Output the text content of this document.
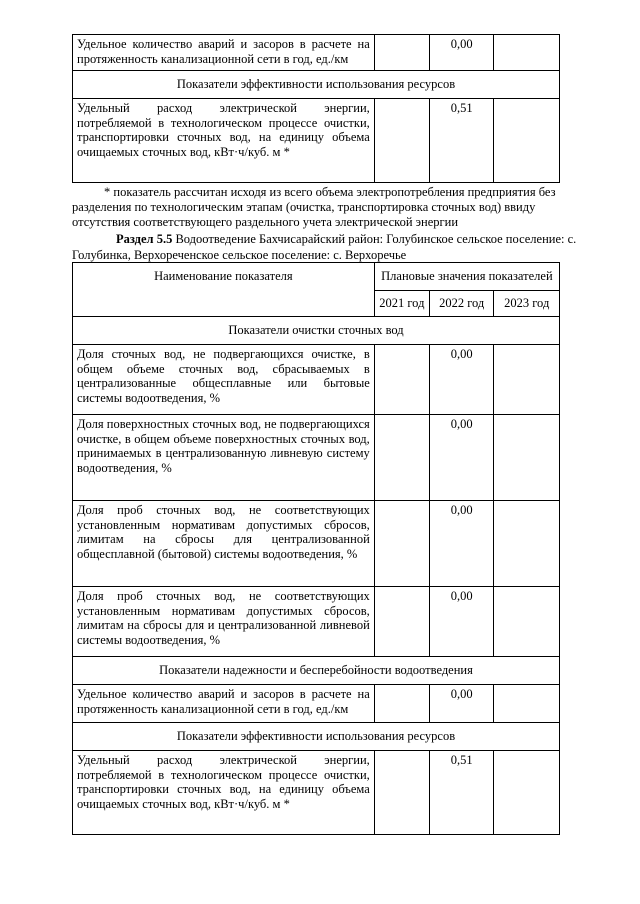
Удельное количество аварий и засоров в расчете на протяженность канализационной сети в год, ед./км		0,00	
Показатели эффективности использования ресурсов			
Удельный расход электрической энергии, потребляемой в технологическом процессе очистки, транспортировки сточных вод, на единицу объема очищаемых сточных вод, кВт·ч/куб. м *		0,51	
* показатель рассчитан исходя из всего объема электропотребления предприятия без разделения по технологическим этапам (очистка, транспортировка сточных вод) ввиду отсутствия соответствующего раздельного учета электрической энергии
Раздел 5.5 Водоотведение Бахчисарайский район: Голубинское сельское поселение: с. Голубинка, Верхореченское сельское поселение: с. Верхоречье
Наименование показателя	Плановые значения показателей		
	2021 год	2022 год	2023 год
Показатели очистки сточных вод			
Доля сточных вод, не подвергающихся очистке, в общем объеме сточных вод, сбрасываемых в централизованные общесплавные или бытовые системы водоотведения, %		0,00	
Доля поверхностных сточных вод, не подвергающихся очистке, в общем объеме поверхностных сточных вод, принимаемых в централизованную ливневую систему водоотведения, %		0,00	
Доля проб сточных вод, не соответствующих установленным нормативам допустимых сбросов, лимитам на сбросы для централизованной общесплавной (бытовой) системы водоотведения, %		0,00	
Доля проб сточных вод, не соответствующих установленным нормативам допустимых сбросов, лимитам на сбросы для и централизованной ливневой системы водоотведения, %		0,00	
Показатели надежности и бесперебойности водоотведения			
Удельное количество аварий и засоров в расчете на протяженность канализационной сети в год, ед./км		0,00	
Показатели эффективности использования ресурсов			
Удельный расход электрической энергии, потребляемой в технологическом процессе очистки, транспортировки сточных вод, на единицу объема очищаемых сточных вод, кВт·ч/куб. м *		0,51	
